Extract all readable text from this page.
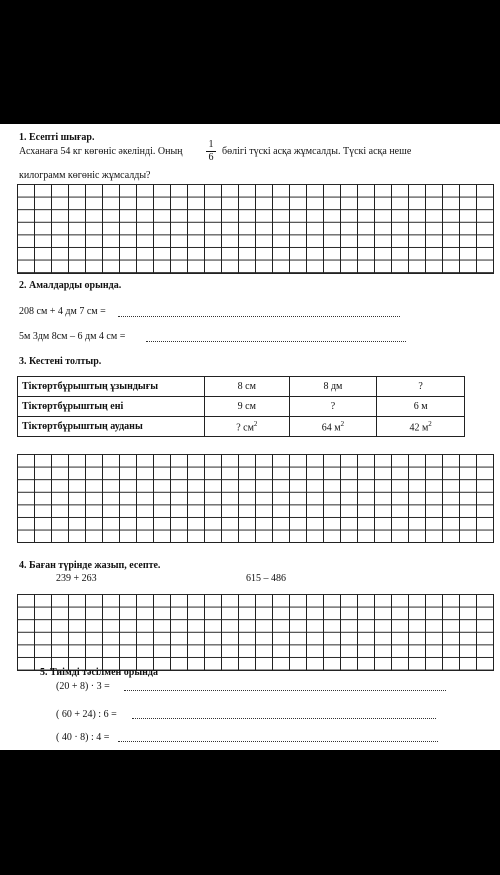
1. Есепті шығар.
Асханаға 54 кг көгөніс әкелінді. Оның
1
6
бөлігі түскі асқа жұмсалды. Түскі асқа неше
килограмм көгөніс жұмсалды?
2. Амалдарды орында.
208 см + 4 дм 7 см =
5м 3дм 8см – 6 дм 4 см =
3. Кестені толтыр.
Тіктөртбұрыштың ұзындығы	8 см	8 дм	?
Тіктөртбұрыштың ені	9 см	?	6 м
Тіктөртбұрыштың ауданы	? $см^2$	64 $м^2$	42 $м^2$
4. Баған түрінде жазып, есепте.
239 + 263	615 – 486
5. Тиімді тәсілмен орында
(20 + 8) · 3 =
( 60 + 24) : 6 =
( 40 · 8) : 4 =
